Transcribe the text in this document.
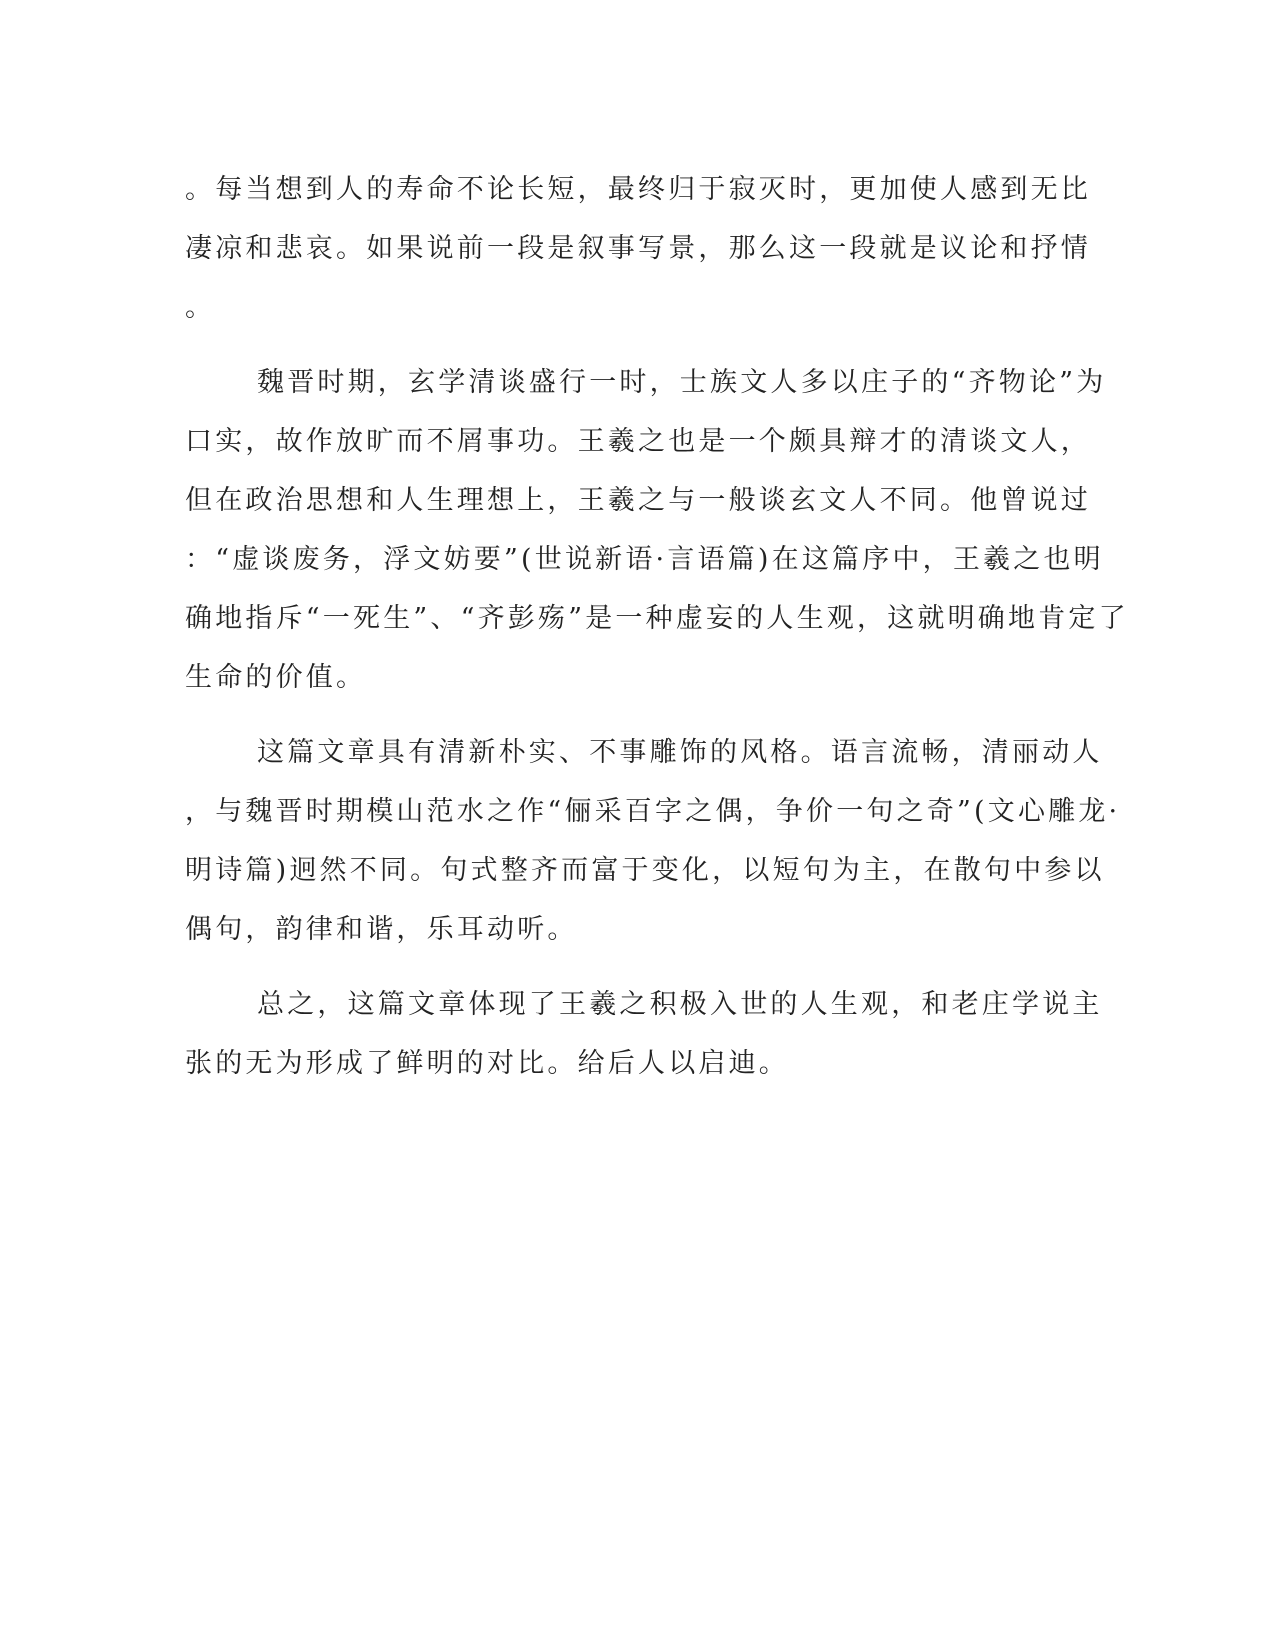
。每当想到人的寿命不论长短，最终归于寂灭时，更加使人感到无比
凄凉和悲哀。如果说前一段是叙事写景，那么这一段就是议论和抒情
。
魏晋时期，玄学清谈盛行一时，士族文人多以庄子的“齐物论”为
口实，故作放旷而不屑事功。王羲之也是一个颇具辩才的清谈文人，
但在政治思想和人生理想上，王羲之与一般谈玄文人不同。他曾说过
：“虚谈废务，浮文妨要”(世说新语·言语篇)在这篇序中，王羲之也明
确地指斥“一死生”、“齐彭殇”是一种虚妄的人生观，这就明确地肯定了
生命的价值。
这篇文章具有清新朴实、不事雕饰的风格。语言流畅，清丽动人
，与魏晋时期模山范水之作“俪采百字之偶，争价一句之奇”(文心雕龙·
明诗篇)迥然不同。句式整齐而富于变化，以短句为主，在散句中参以
偶句，韵律和谐，乐耳动听。
总之，这篇文章体现了王羲之积极入世的人生观，和老庄学说主
张的无为形成了鲜明的对比。给后人以启迪。
